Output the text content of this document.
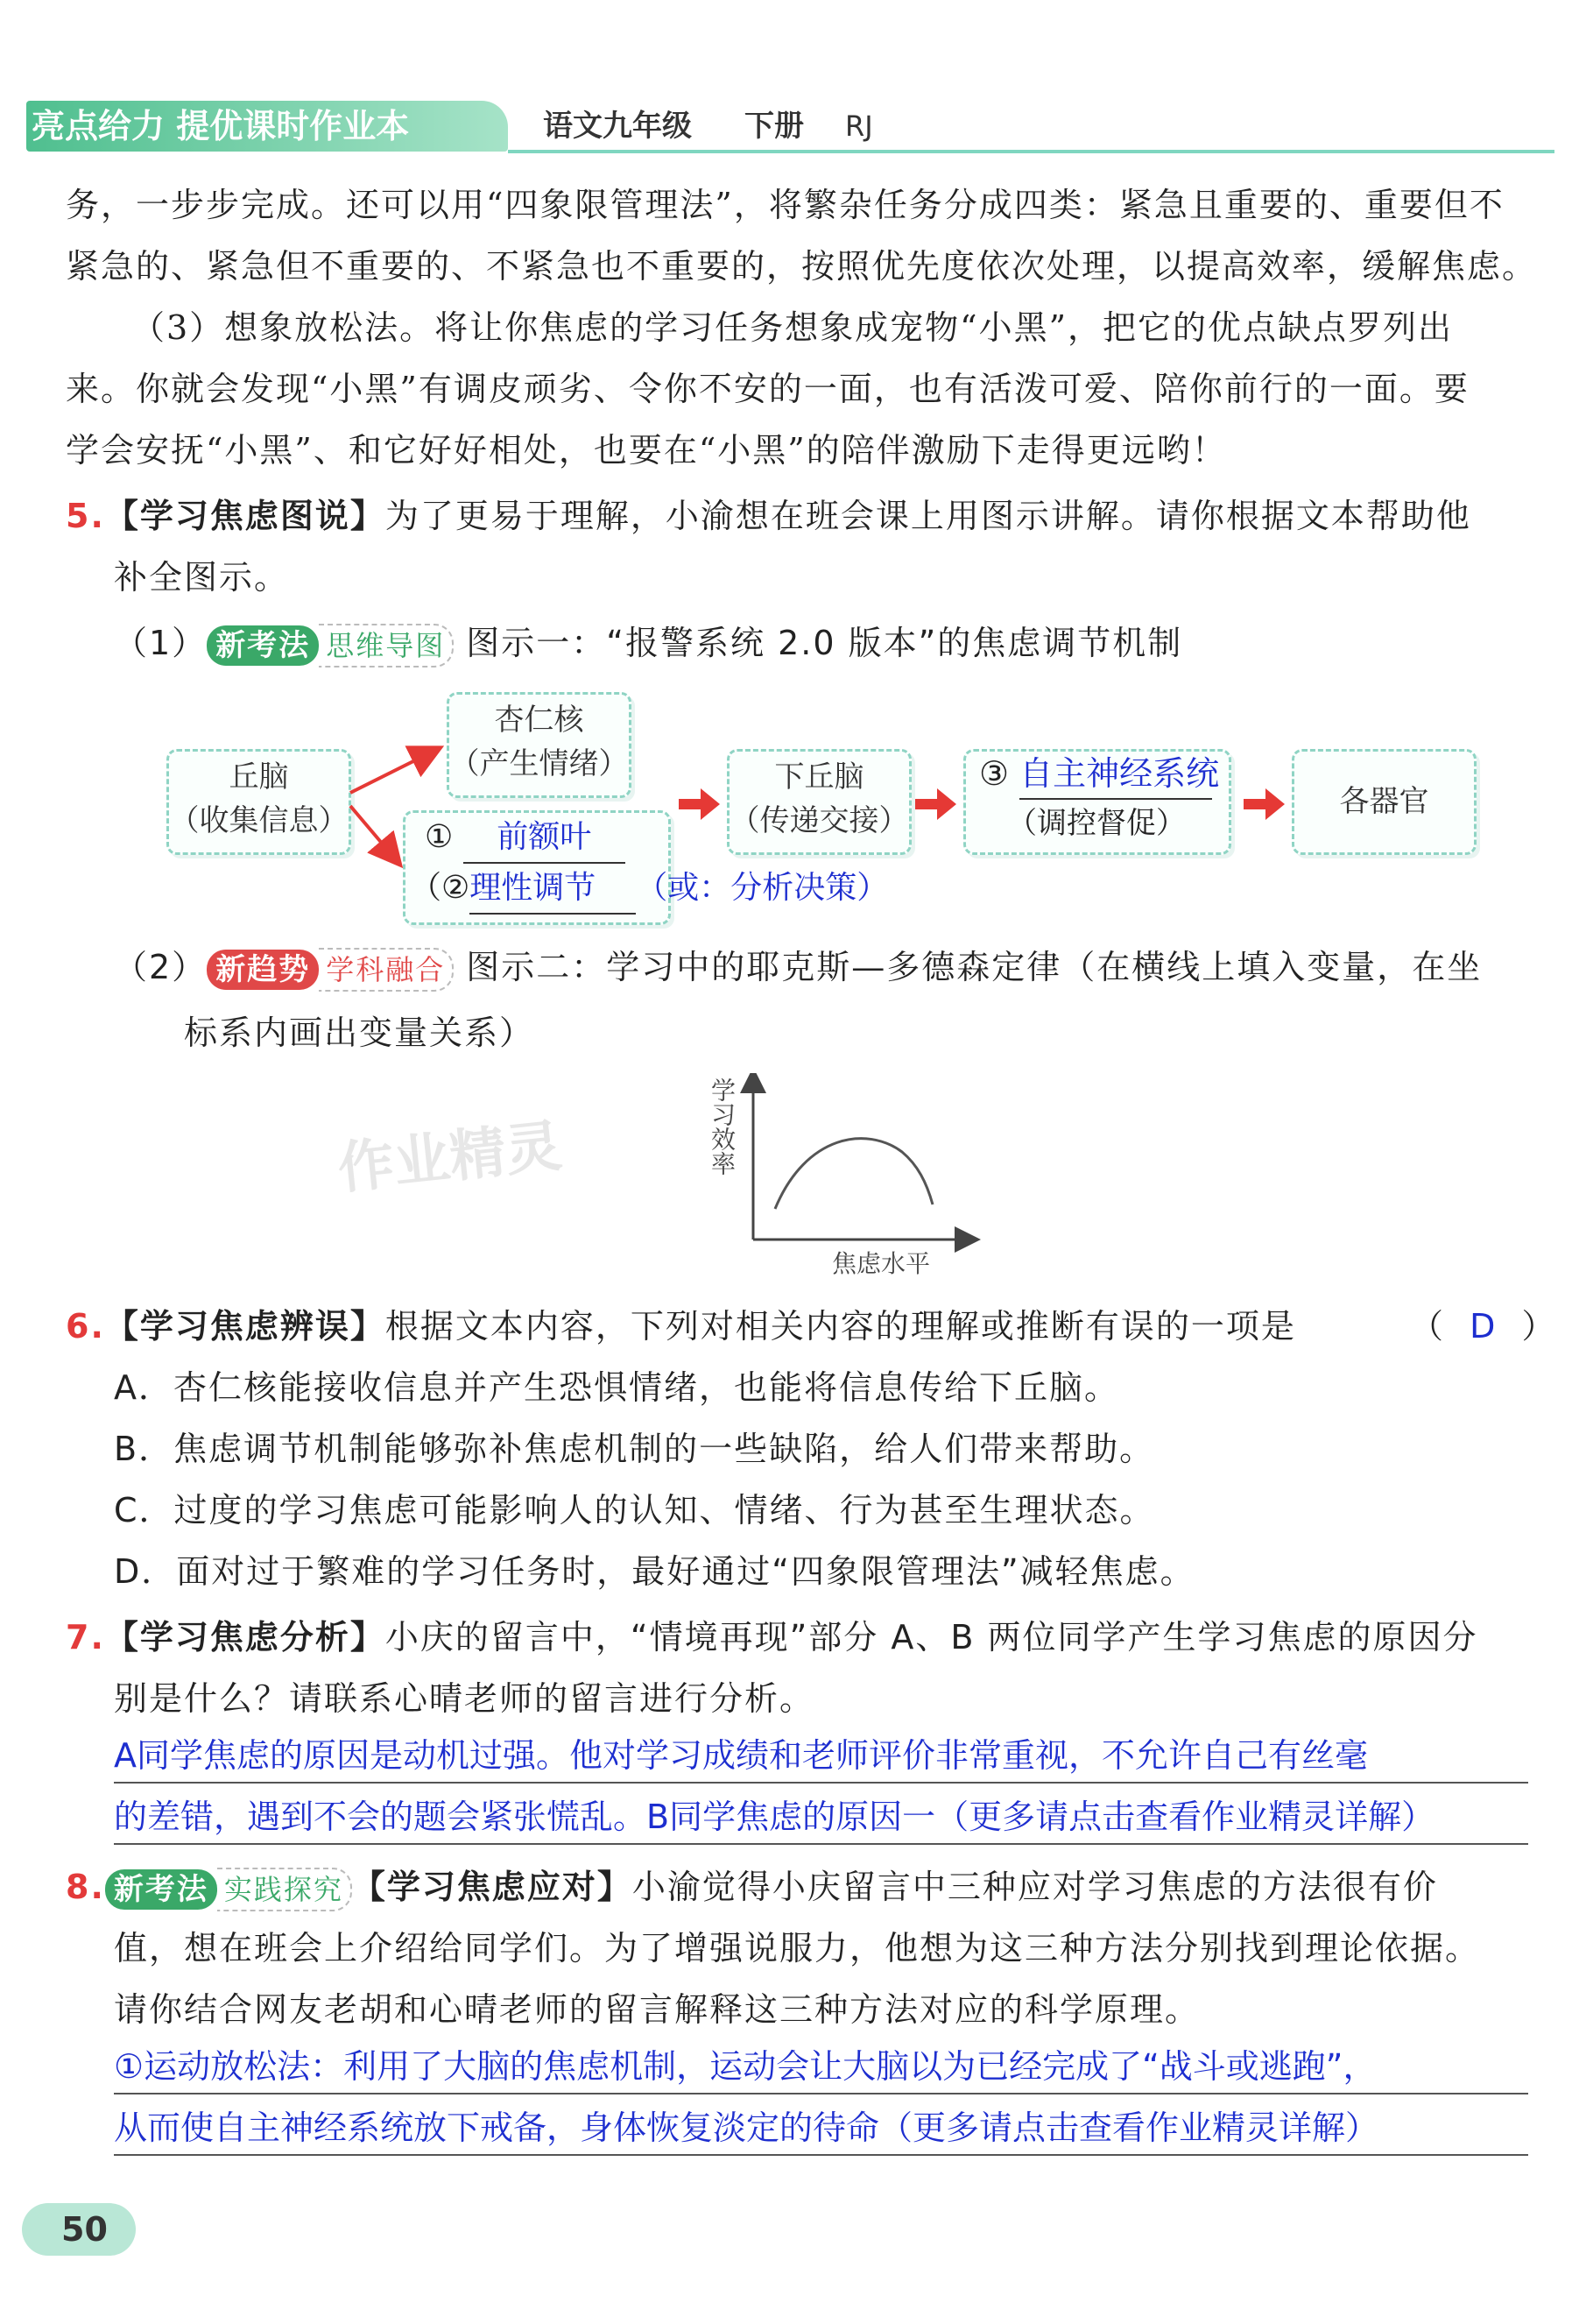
亮点给力 提优课时作业本	语文九年级 下册 RJ
务，一步步完成。还可以用“四象限管理法”，将繁杂任务分成四类：紧急且重要的、重要但不
紧急的、紧急但不重要的、不紧急也不重要的，按照优先度依次处理，以提高效率，缓解焦虑。
（3）想象放松法。将让你焦虑的学习任务想象成宠物“小黑”，把它的优点缺点罗列出
来。你就会发现“小黑”有调皮顽劣、令你不安的一面，也有活泼可爱、陪你前行的一面。要
学会安抚“小黑”、和它好好相处，也要在“小黑”的陪伴激励下走得更远哟！
5.【学习焦虑图说】为了更易于理解，小渝想在班会课上用图示讲解。请你根据文本帮助他
补全图示。
（1） 新考法 思维导图 图示一：“报警系统 2.0 版本”的焦虑调节机制
丘脑
（收集信息）
杏仁核
（产生情绪）
① 前额叶
（②理性调节 （或：分析决策）
下丘脑
（传递交接）
③ 自主神经系统
（调控督促）
各器官
（2） 新趋势 学科融合 图示二：学习中的耶克斯—多德森定律（在横线上填入变量，在坐
标系内画出变量关系）
作业精灵	学习效率
焦虑水平
6.【学习焦虑辨误】根据文本内容，下列对相关内容的理解或推断有误的一项是	（ D ）
A．杏仁核能接收信息并产生恐惧情绪，也能将信息传给下丘脑。
B．焦虑调节机制能够弥补焦虑机制的一些缺陷，给人们带来帮助。
C．过度的学习焦虑可能影响人的认知、情绪、行为甚至生理状态。
D．面对过于繁难的学习任务时，最好通过“四象限管理法”减轻焦虑。
7.【学习焦虑分析】小庆的留言中，“情境再现”部分 A、B 两位同学产生学习焦虑的原因分
别是什么？请联系心晴老师的留言进行分析。
A同学焦虑的原因是动机过强。他对学习成绩和老师评价非常重视，不允许自己有丝毫
的差错，遇到不会的题会紧张慌乱。B同学焦虑的原因一（更多请点击查看作业精灵详解）
8. 新考法 实践探究 【学习焦虑应对】小渝觉得小庆留言中三种应对学习焦虑的方法很有价
值，想在班会上介绍给同学们。为了增强说服力，他想为这三种方法分别找到理论依据。
请你结合网友老胡和心晴老师的留言解释这三种方法对应的科学原理。
①运动放松法：利用了大脑的焦虑机制，运动会让大脑以为已经完成了“战斗或逃跑”，
从而使自主神经系统放下戒备，身体恢复淡定的待命（更多请点击查看作业精灵详解）
50
